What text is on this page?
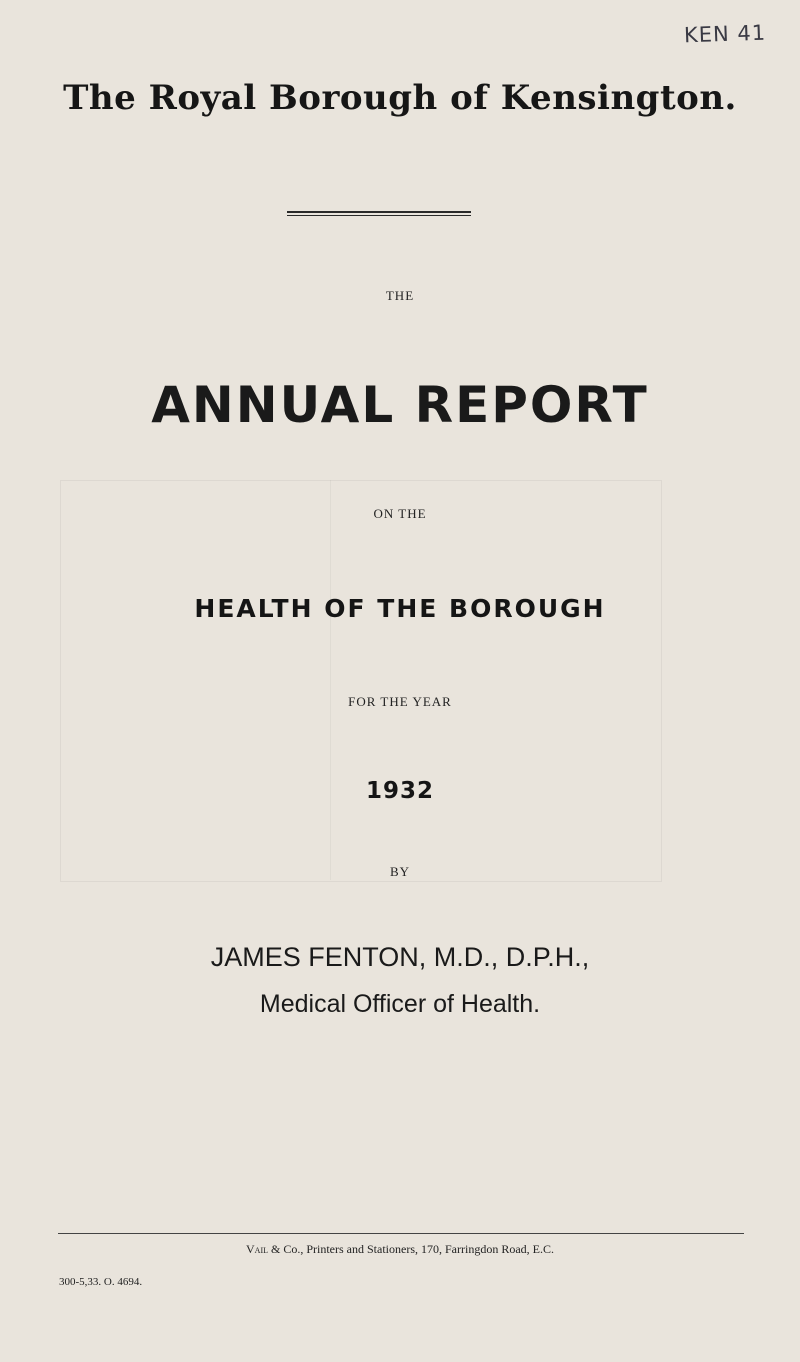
KEN 41
The Royal Borough of Kensington.
THE
ANNUAL REPORT
ON THE
HEALTH OF THE BOROUGH
FOR THE YEAR
1932
BY
JAMES FENTON, M.D., D.P.H.,
Medical Officer of Health.
Vail & Co., Printers and Stationers, 170, Farringdon Road, E.C.
300-5,33. O. 4694.
